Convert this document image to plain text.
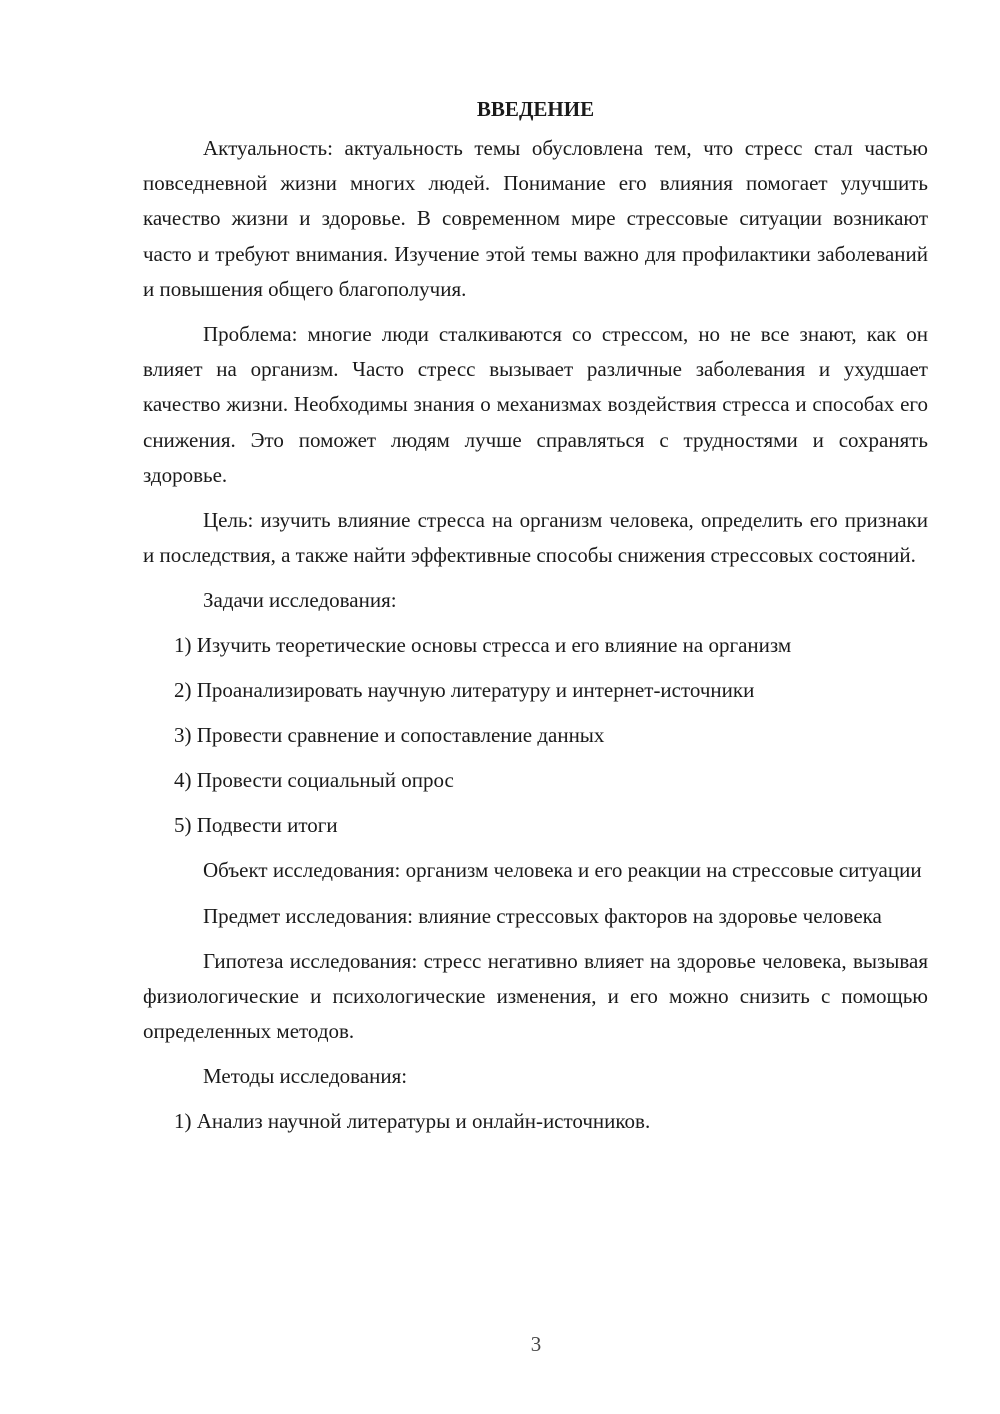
ВВЕДЕНИЕ

Актуальность: актуальность темы обусловлена тем, что стресс стал частью повседневной жизни многих людей. Понимание его влияния помогает улучшить качество жизни и здоровье. В современном мире стрессовые ситуации возникают часто и требуют внимания. Изучение этой темы важно для профилактики заболеваний и повышения общего благополучия.

Проблема: многие люди сталкиваются со стрессом, но не все знают, как он влияет на организм. Часто стресс вызывает различные заболевания и ухудшает качество жизни. Необходимы знания о механизмах воздействия стресса и способах его снижения. Это поможет людям лучше справляться с трудностями и сохранять здоровье.

Цель: изучить влияние стресса на организм человека, определить его признаки и последствия, а также найти эффективные способы снижения стрессовых состояний.

Задачи исследования:
1) Изучить теоретические основы стресса и его влияние на организм
2) Проанализировать научную литературу и интернет-источники
3) Провести сравнение и сопоставление данных
4) Провести социальный опрос
5) Подвести итоги

Объект исследования: организм человека и его реакции на стрессовые ситуации

Предмет исследования: влияние стрессовых факторов на здоровье человека

Гипотеза исследования: стресс негативно влияет на здоровье человека, вызывая физиологические и психологические изменения, и его можно снизить с помощью определенных методов.

Методы исследования:
1) Анализ научной литературы и онлайн-источников.
3
